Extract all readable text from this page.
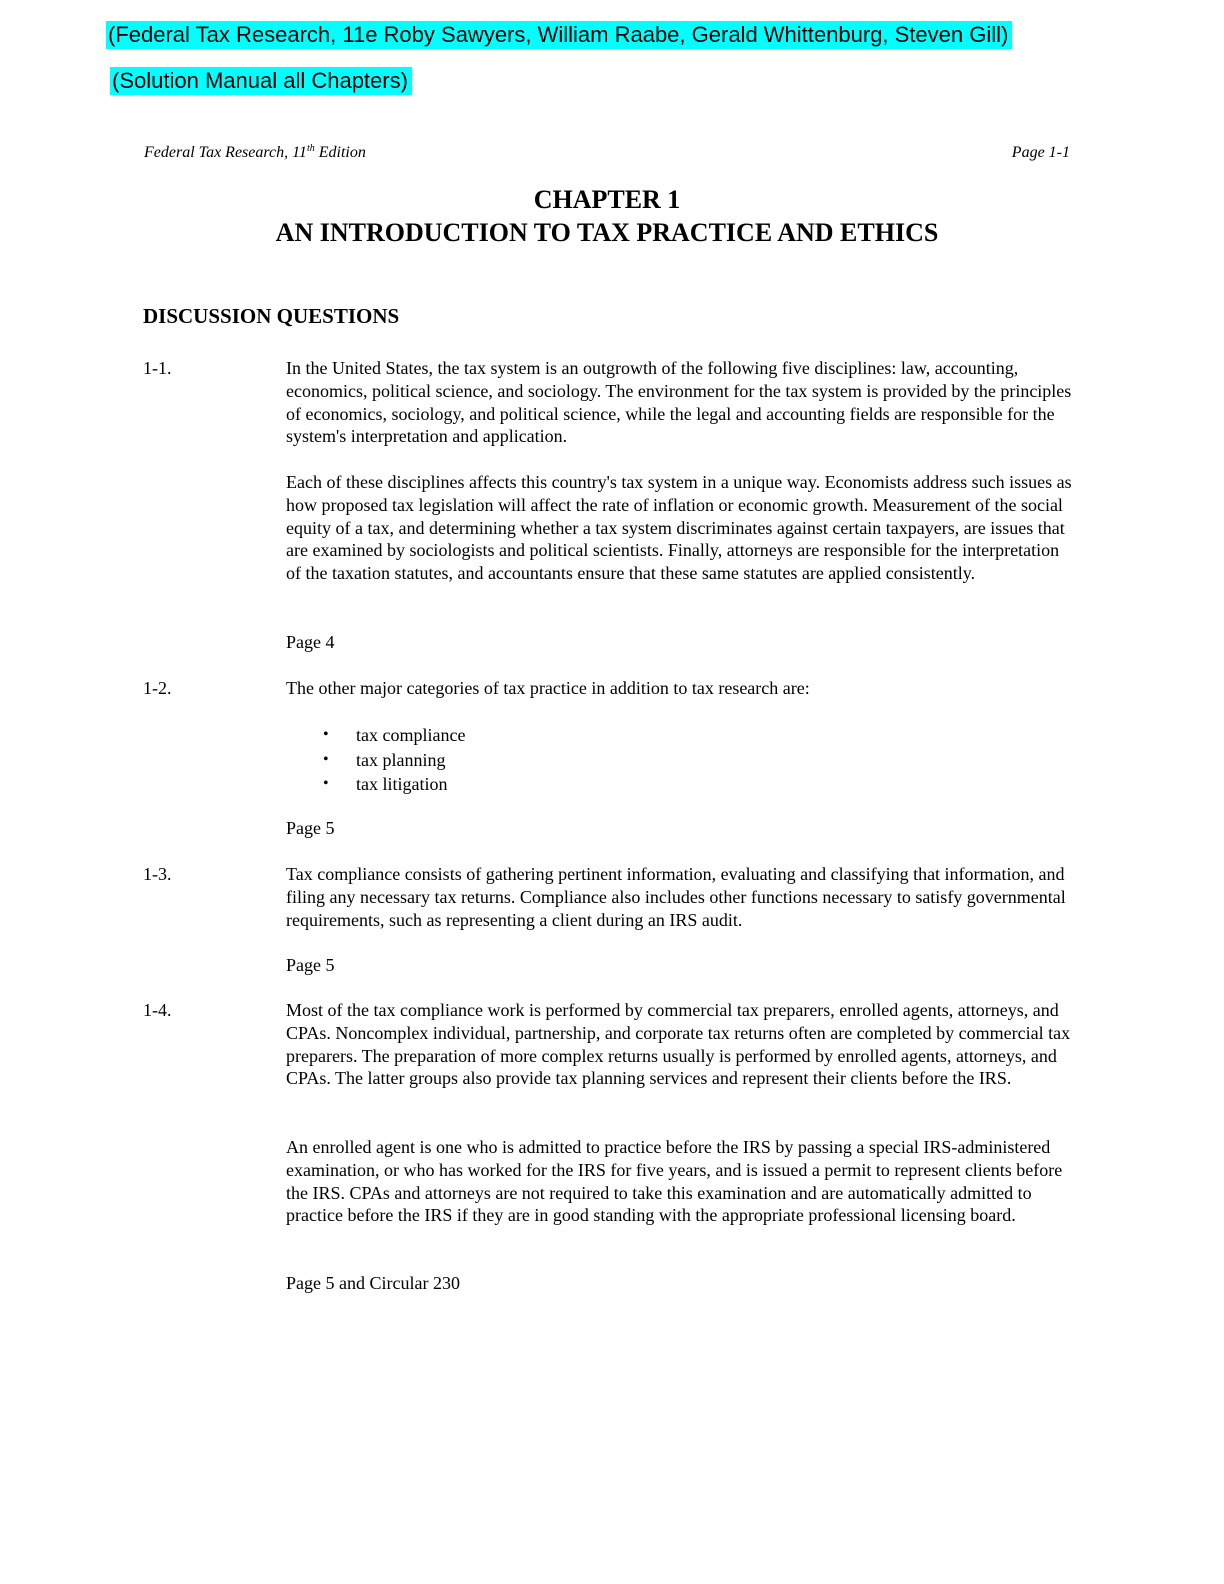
(Federal Tax Research, 11e Roby Sawyers, William Raabe, Gerald Whittenburg, Steven Gill)
(Solution Manual all Chapters)
Federal Tax Research, 11th Edition	Page 1-1
CHAPTER 1
AN INTRODUCTION TO TAX PRACTICE AND ETHICS
DISCUSSION QUESTIONS
1-1.	In the United States, the tax system is an outgrowth of the following five disciplines: law, accounting, economics, political science, and sociology. The environment for the tax system is provided by the principles of economics, sociology, and political science, while the legal and accounting fields are responsible for the system's interpretation and application.

Each of these disciplines affects this country's tax system in a unique way. Economists address such issues as how proposed tax legislation will affect the rate of inflation or economic growth. Measurement of the social equity of a tax, and determining whether a tax system discriminates against certain taxpayers, are issues that are examined by sociologists and political scientists. Finally, attorneys are responsible for the interpretation of the taxation statutes, and accountants ensure that these same statutes are applied consistently.

Page 4
1-2.	The other major categories of tax practice in addition to tax research are:

• tax compliance
• tax planning
• tax litigation
Page 5
1-3.	Tax compliance consists of gathering pertinent information, evaluating and classifying that information, and filing any necessary tax returns. Compliance also includes other functions necessary to satisfy governmental requirements, such as representing a client during an IRS audit.

Page 5
1-4.	Most of the tax compliance work is performed by commercial tax preparers, enrolled agents, attorneys, and CPAs. Noncomplex individual, partnership, and corporate tax returns often are completed by commercial tax preparers. The preparation of more complex returns usually is performed by enrolled agents, attorneys, and CPAs. The latter groups also provide tax planning services and represent their clients before the IRS.

An enrolled agent is one who is admitted to practice before the IRS by passing a special IRS-administered examination, or who has worked for the IRS for five years, and is issued a permit to represent clients before the IRS. CPAs and attorneys are not required to take this examination and are automatically admitted to practice before the IRS if they are in good standing with the appropriate professional licensing board.

Page 5 and Circular 230
